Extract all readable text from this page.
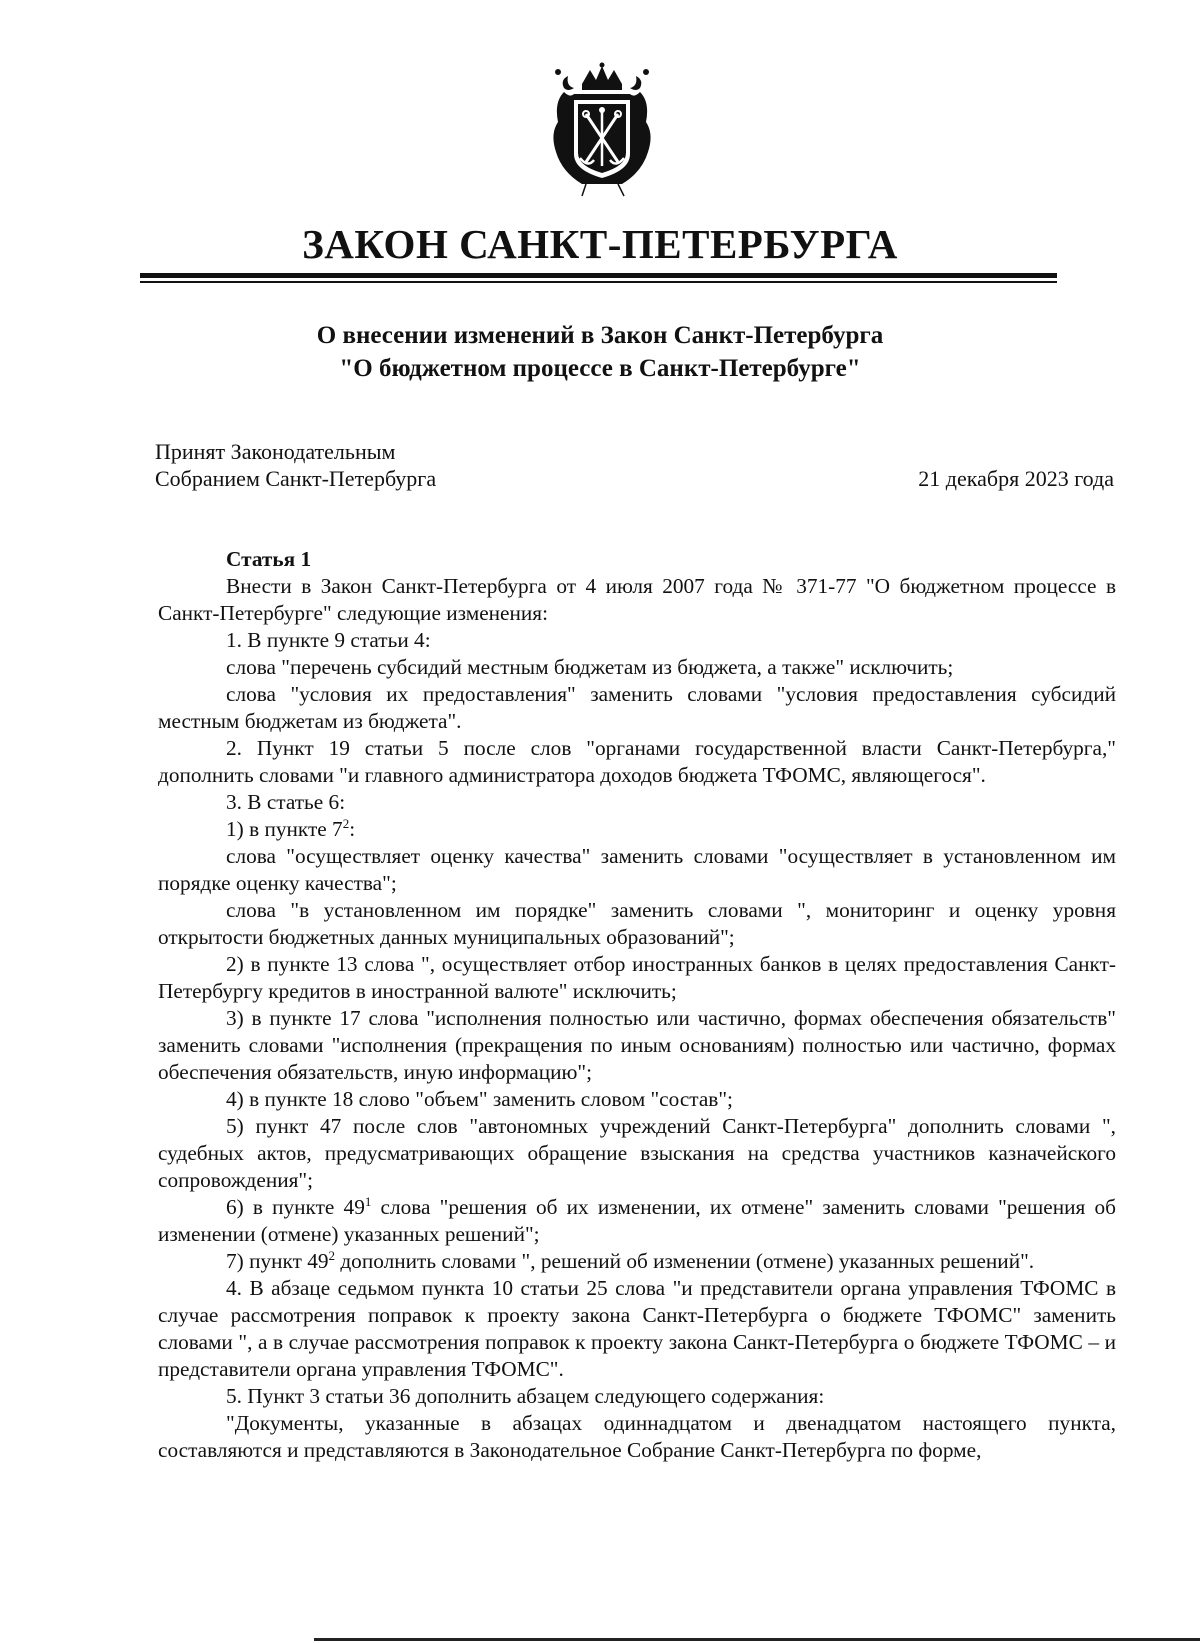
ЗАКОН САНКТ-ПЕТЕРБУРГА
О внесении изменений в Закон Санкт-Петербурга
"О бюджетном процессе в Санкт-Петербурге"
Принят Законодательным
Собранием Санкт-Петербурга	21 декабря 2023 года

Статья 1

Внести в Закон Санкт-Петербурга от 4 июля 2007 года № 371-77 "О бюджетном процессе в Санкт-Петербурге" следующие изменения:

1. В пункте 9 статьи 4:

слова "перечень субсидий местным бюджетам из бюджета, а также" исключить;

слова "условия их предоставления" заменить словами "условия предоставления субсидий местным бюджетам из бюджета".

2. Пункт 19 статьи 5 после слов "органами государственной власти Санкт-Петербурга," дополнить словами "и главного администратора доходов бюджета ТФОМС, являющегося".

3. В статье 6:

1) в пункте $7^2$:

слова "осуществляет оценку качества" заменить словами "осуществляет в установленном им порядке оценку качества";

слова "в установленном им порядке" заменить словами ", мониторинг и оценку уровня открытости бюджетных данных муниципальных образований";

2) в пункте 13 слова ", осуществляет отбор иностранных банков в целях предоставления Санкт-Петербургу кредитов в иностранной валюте" исключить;

3) в пункте 17 слова "исполнения полностью или частично, формах обеспечения обязательств" заменить словами "исполнения (прекращения по иным основаниям) полностью или частично, формах обеспечения обязательств, иную информацию";

4) в пункте 18 слово "объем" заменить словом "состав";

5) пункт 47 после слов "автономных учреждений Санкт-Петербурга" дополнить словами ", судебных актов, предусматривающих обращение взыскания на средства участников казначейского сопровождения";

6) в пункте $49^1$ слова "решения об их изменении, их отмене" заменить словами "решения об изменении (отмене) указанных решений";

7) пункт $49^2$ дополнить словами ", решений об изменении (отмене) указанных решений".

4. В абзаце седьмом пункта 10 статьи 25 слова "и представители органа управления ТФОМС в случае рассмотрения поправок к проекту закона Санкт-Петербурга о бюджете ТФОМС" заменить словами ", а в случае рассмотрения поправок к проекту закона Санкт-Петербурга о бюджете ТФОМС – и представители органа управления ТФОМС".

5. Пункт 3 статьи 36 дополнить абзацем следующего содержания:

"Документы, указанные в абзацах одиннадцатом и двенадцатом настоящего пункта, составляются и представляются в Законодательное Собрание Санкт-Петербурга по форме,
